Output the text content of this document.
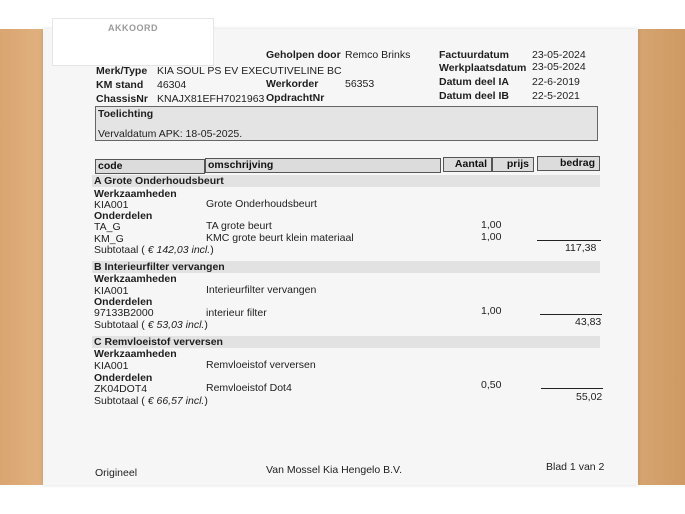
AKKOORD
Geholpen door Remco Brinks	Factuurdatum 23-05-2024
Merk/Type KIA SOUL PS EV EXECUTIVELINE BC	Werkplaatsdatum 23-05-2024
KM stand 46304	Werkorder	56353	Datum deel IA 22-6-2019
ChassisNr KNAJX81EFH7021963 OpdrachtNr	Datum deel IB 22-5-2021
Toelichting
Vervaldatum APK: 18-05-2025.
code	omschrijving	Aantal prijs	bedrag
A Grote Onderhoudsbeurt
Werkzaamheden
KIA001	Grote Onderhoudsbeurt
Onderdelen
TA_G	TA grote beurt	1,00
KM_G	KMC grote beurt klein materiaal	1,00
Subtotaal ( € 142,03 incl.)	117,38
B Interieurfilter vervangen
Werkzaamheden
KIA001	Interieurfilter vervangen
Onderdelen
97133B2000	interieur filter	1,00
Subtotaal ( € 53,03 incl.)	43,83
C Remvloeistof verversen
Werkzaamheden
KIA001	Remvloeistof verversen
Onderdelen
ZK04DOT4	Remvloeistof Dot4	0,50
Subtotaal ( € 66,57 incl.)	55,02
Origineel	Van Mossel Kia Hengelo B.V.	Blad 1 van 2
